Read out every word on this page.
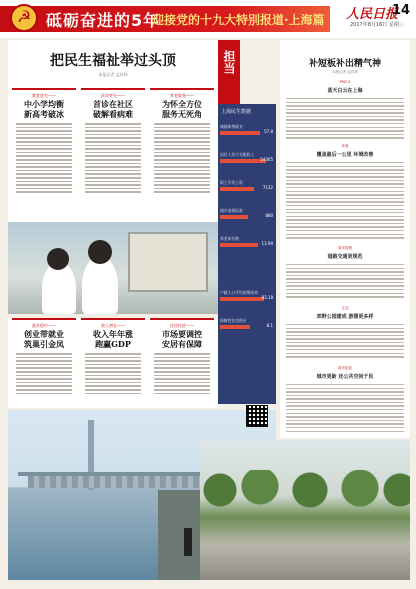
☭
砥砺奋进的5年
迎接党的十九大特别报道·上海篇 人民日报
14
2017年8月16日 星期三
把民生福祉举过头顶
本报记者 孟祥林
教育优先——
中小学均衡
新高考破冰
医改率先——
首诊在社区
破解看病难
养老服务——
为怀全方位
服务无死角
担当
上海民生数据
城镇新增就业
57.8
居民人均可支配收入
54305
职工平均工资
7132
城乡低保标准
880
养老床位数
13.99
户籍人口平均预期寿命
83.18
保障性住房供应
8.1
就业稳中——
创业带就业
筑巢引金凤
收入增长——
收入年年涨
跑赢GDP
住房托底——
市场要调控
安居有保障
补短板补出精气神
本报记者 孟祥林
PM2.5
蓝天白云在上海
环境
覆盖最后一公里 环境改善
城市管理
道路交通更规范
生态
郊野公园建成 游憩更多样
城市更新
城市更新 还公共空间于民
